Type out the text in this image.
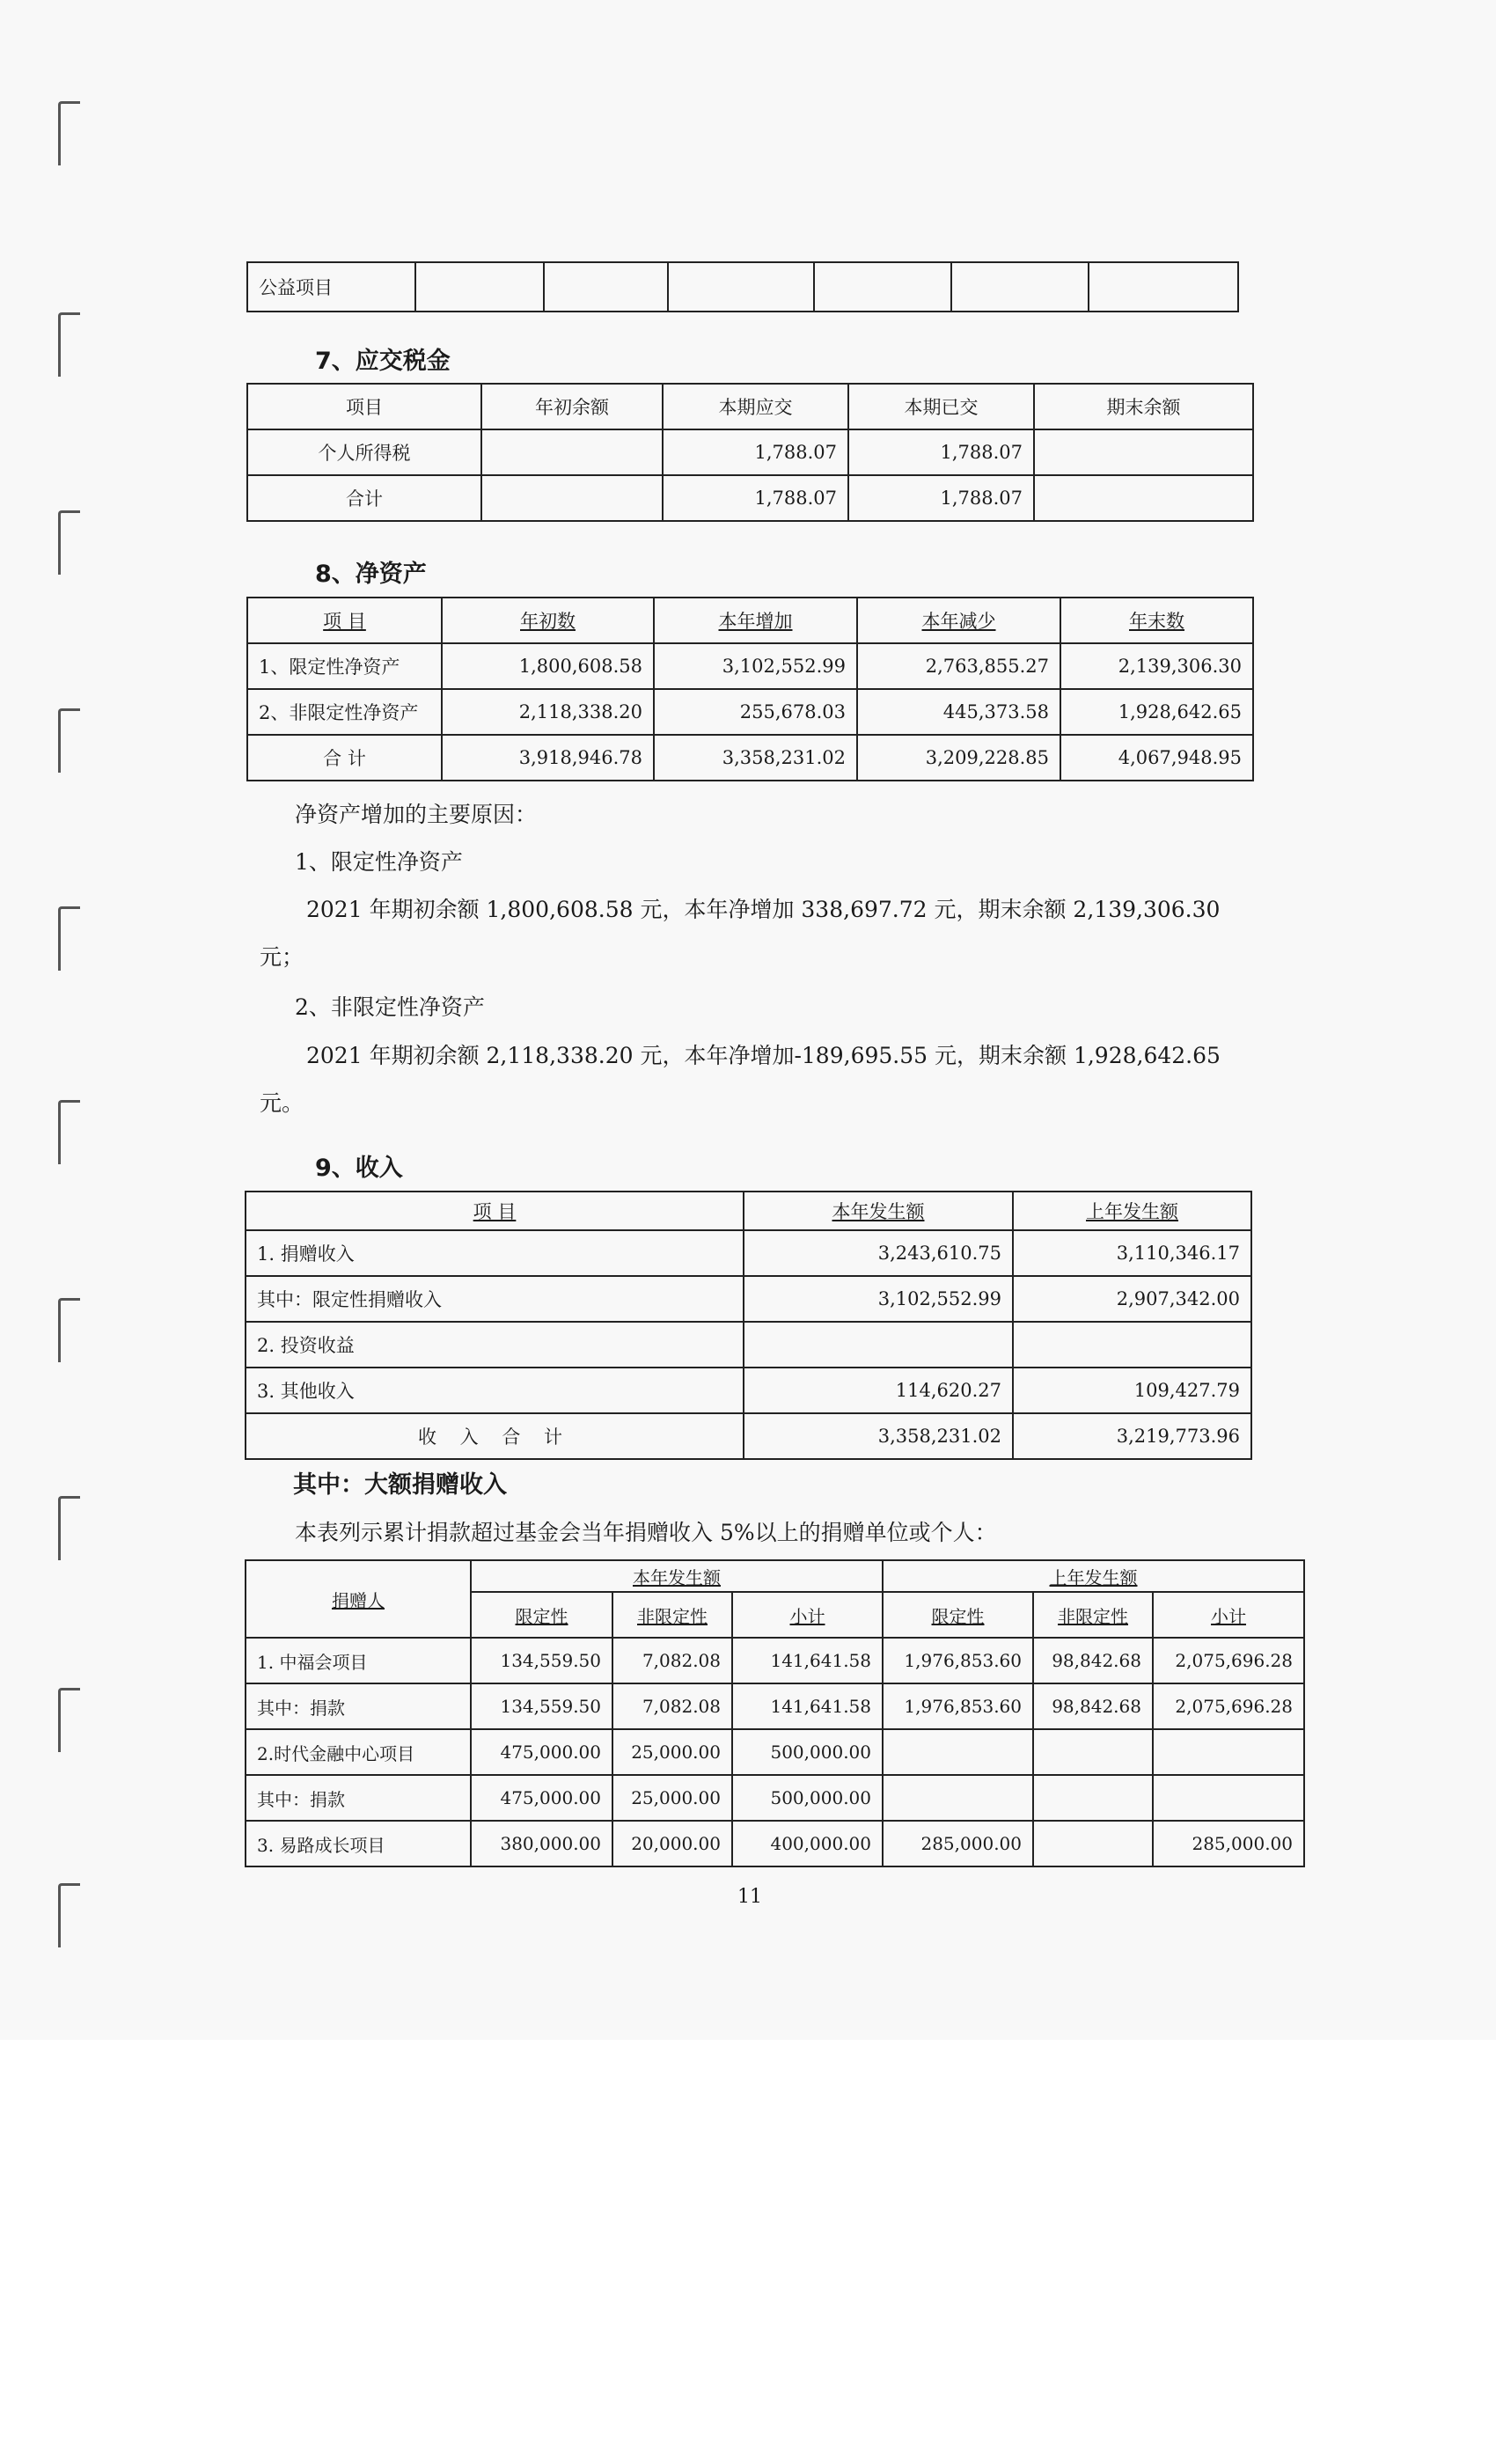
公益项目						
7、应交税金
项目	年初余额	本期应交	本期已交	期末余额
个人所得税		1,788.07	1,788.07	
合计		1,788.07	1,788.07	
8、净资产
项 目	年初数	本年增加	本年减少	年末数
1、限定性净资产	1,800,608.58	3,102,552.99	2,763,855.27	2,139,306.30
2、非限定性净资产	2,118,338.20	255,678.03	445,373.58	1,928,642.65
合 计	3,918,946.78	3,358,231.02	3,209,228.85	4,067,948.95
净资产增加的主要原因：
1、限定性净资产
2021 年期初余额 1,800,608.58 元，本年净增加 338,697.72 元，期末余额 2,139,306.30
元；
2、非限定性净资产
2021 年期初余额 2,118,338.20 元，本年净增加-189,695.55 元，期末余额 1,928,642.65
元。
9、收入
项 目	本年发生额	上年发生额
1. 捐赠收入	3,243,610.75	3,110,346.17
其中：限定性捐赠收入	3,102,552.99	2,907,342.00
2. 投资收益		
3. 其他收入	114,620.27	109,427.79
收 入 合 计	3,358,231.02	3,219,773.96
其中：大额捐赠收入
本表列示累计捐款超过基金会当年捐赠收入 5%以上的捐赠单位或个人：
捐赠人	本年发生额			上年发生额		
	限定性	非限定性	小计	限定性	非限定性	小计
1. 中福会项目	134,559.50	7,082.08	141,641.58	1,976,853.60	98,842.68	2,075,696.28
其中：捐款	134,559.50	7,082.08	141,641.58	1,976,853.60	98,842.68	2,075,696.28
2.时代金融中心项目	475,000.00	25,000.00	500,000.00			
其中：捐款	475,000.00	25,000.00	500,000.00			
3. 易路成长项目	380,000.00	20,000.00	400,000.00	285,000.00		285,000.00
11
